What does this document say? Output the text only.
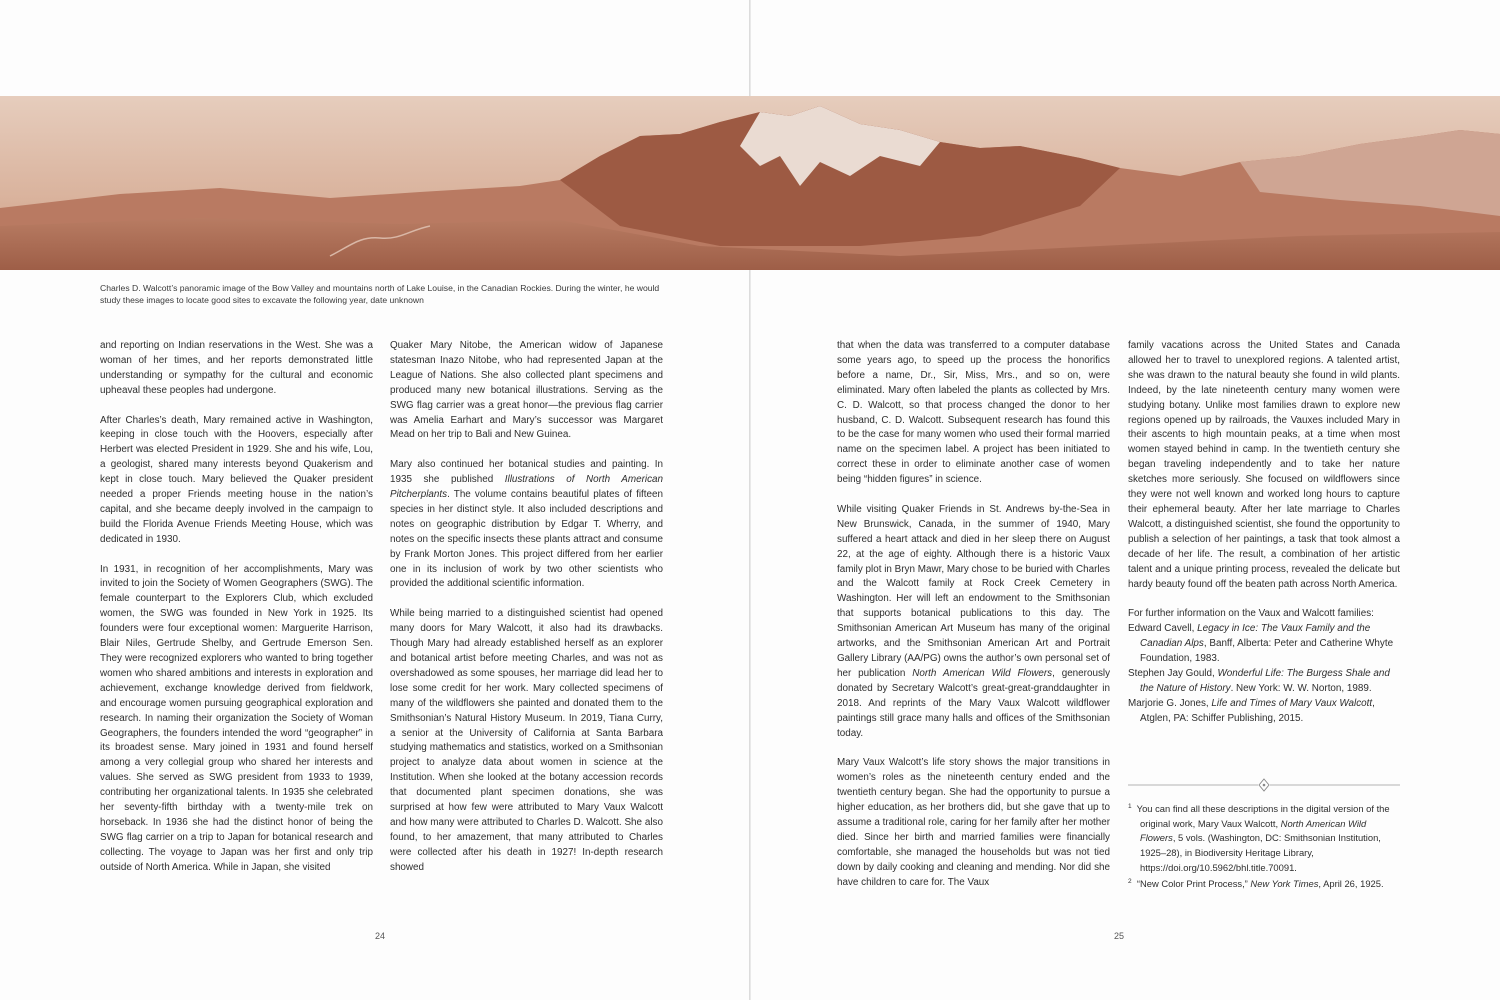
Charles D. Walcott’s panoramic image of the Bow Valley and mountains north of Lake Louise, in the Canadian Rockies. During the winter, he would study these images to locate good sites to excavate the following year, date unknown

and reporting on Indian reservations in the West. She was a woman of her times, and her reports demonstrated little understanding or sympathy for the cultural and economic upheaval these peoples had undergone.

After Charles’s death, Mary remained active in Washington, keeping in close touch with the Hoovers, especially after Herbert was elected President in 1929. She and his wife, Lou, a geologist, shared many interests beyond Quakerism and kept in close touch. Mary believed the Quaker president needed a proper Friends meeting house in the nation’s capital, and she became deeply involved in the campaign to build the Florida Avenue Friends Meeting House, which was dedicated in 1930.

In 1931, in recognition of her accomplishments, Mary was invited to join the Society of Women Geographers (SWG). The female counterpart to the Explorers Club, which excluded women, the SWG was founded in New York in 1925. Its founders were four exceptional women: Marguerite Harrison, Blair Niles, Gertrude Shelby, and Gertrude Emerson Sen. They were recognized explorers who wanted to bring together women who shared ambitions and interests in exploration and achievement, exchange knowledge derived from fieldwork, and encourage women pursuing geographical exploration and research. In naming their organization the Society of Woman Geographers, the founders intended the word “geographer” in its broadest sense. Mary joined in 1931 and found herself among a very collegial group who shared her interests and values. She served as SWG president from 1933 to 1939, contributing her organizational talents. In 1935 she celebrated her seventy-fifth birthday with a twenty-mile trek on horseback. In 1936 she had the distinct honor of being the SWG flag carrier on a trip to Japan for botanical research and collecting. The voyage to Japan was her first and only trip outside of North America. While in Japan, she visited

Quaker Mary Nitobe, the American widow of Japanese statesman Inazo Nitobe, who had represented Japan at the League of Nations. She also collected plant specimens and produced many new botanical illustrations. Serving as the SWG flag carrier was a great honor—the previous flag carrier was Amelia Earhart and Mary’s successor was Margaret Mead on her trip to Bali and New Guinea.

Mary also continued her botanical studies and painting. In 1935 she published Illustrations of North American Pitcherplants. The volume contains beautiful plates of fifteen species in her distinct style. It also included descriptions and notes on geographic distribution by Edgar T. Wherry, and notes on the specific insects these plants attract and consume by Frank Morton Jones. This project differed from her earlier one in its inclusion of work by two other scientists who provided the additional scientific information.

While being married to a distinguished scientist had opened many doors for Mary Walcott, it also had its drawbacks. Though Mary had already established herself as an explorer and botanical artist before meeting Charles, and was not as overshadowed as some spouses, her marriage did lead her to lose some credit for her work. Mary collected specimens of many of the wildflowers she painted and donated them to the Smithsonian’s Natural History Museum. In 2019, Tiana Curry, a senior at the University of California at Santa Barbara studying mathematics and statistics, worked on a Smithsonian project to analyze data about women in science at the Institution. When she looked at the botany accession records that documented plant specimen donations, she was surprised at how few were attributed to Mary Vaux Walcott and how many were attributed to Charles D. Walcott. She also found, to her amazement, that many attributed to Charles were collected after his death in 1927! In-depth research showed

that when the data was transferred to a computer database some years ago, to speed up the process the honorifics before a name, Dr., Sir, Miss, Mrs., and so on, were eliminated. Mary often labeled the plants as collected by Mrs. C. D. Walcott, so that process changed the donor to her husband, C. D. Walcott. Subsequent research has found this to be the case for many women who used their formal married name on the specimen label. A project has been initiated to correct these in order to eliminate another case of women being “hidden figures” in science.

While visiting Quaker Friends in St. Andrews by-the-Sea in New Brunswick, Canada, in the summer of 1940, Mary suffered a heart attack and died in her sleep there on August 22, at the age of eighty. Although there is a historic Vaux family plot in Bryn Mawr, Mary chose to be buried with Charles and the Walcott family at Rock Creek Cemetery in Washington. Her will left an endowment to the Smithsonian that supports botanical publications to this day. The Smithsonian American Art Museum has many of the original artworks, and the Smithsonian American Art and Portrait Gallery Library (AA/PG) owns the author’s own personal set of her publication North American Wild Flowers, generously donated by Secretary Walcott’s great-great-granddaughter in 2018. And reprints of the Mary Vaux Walcott wildflower paintings still grace many halls and offices of the Smithsonian today.

Mary Vaux Walcott’s life story shows the major transitions in women’s roles as the nineteenth century ended and the twentieth century began. She had the opportunity to pursue a higher education, as her brothers did, but she gave that up to assume a traditional role, caring for her family after her mother died. Since her birth and married families were financially comfortable, she managed the households but was not tied down by daily cooking and cleaning and mending. Nor did she have children to care for. The Vaux

family vacations across the United States and Canada allowed her to travel to unexplored regions. A talented artist, she was drawn to the natural beauty she found in wild plants. Indeed, by the late nineteenth century many women were studying botany. Unlike most families drawn to explore new regions opened up by railroads, the Vauxes included Mary in their ascents to high mountain peaks, at a time when most women stayed behind in camp. In the twentieth century she began traveling independently and to take her nature sketches more seriously. She focused on wildflowers since they were not well known and worked long hours to capture their ephemeral beauty. After her late marriage to Charles Walcott, a distinguished scientist, she found the opportunity to publish a selection of her paintings, a task that took almost a decade of her life. The result, a combination of her artistic talent and a unique printing process, revealed the delicate but hardy beauty found off the beaten path across North America.

For further information on the Vaux and Walcott families:
Edward Cavell, Legacy in Ice: The Vaux Family and the Canadian Alps, Banff, Alberta: Peter and Catherine Whyte Foundation, 1983.
Stephen Jay Gould, Wonderful Life: The Burgess Shale and the Nature of History. New York: W. W. Norton, 1989.
Marjorie G. Jones, Life and Times of Mary Vaux Walcott, Atglen, PA: Schiffer Publishing, 2015.
$^1$ You can find all these descriptions in the digital version of the original work, Mary Vaux Walcott, North American Wild Flowers, 5 vols. (Washington, DC: Smithsonian Institution, 1925–28), in Biodiversity Heritage Library, https://doi.org/10.5962/bhl.title.70091.
$^2$ “New Color Print Process,” New York Times, April 26, 1925.
24	25
